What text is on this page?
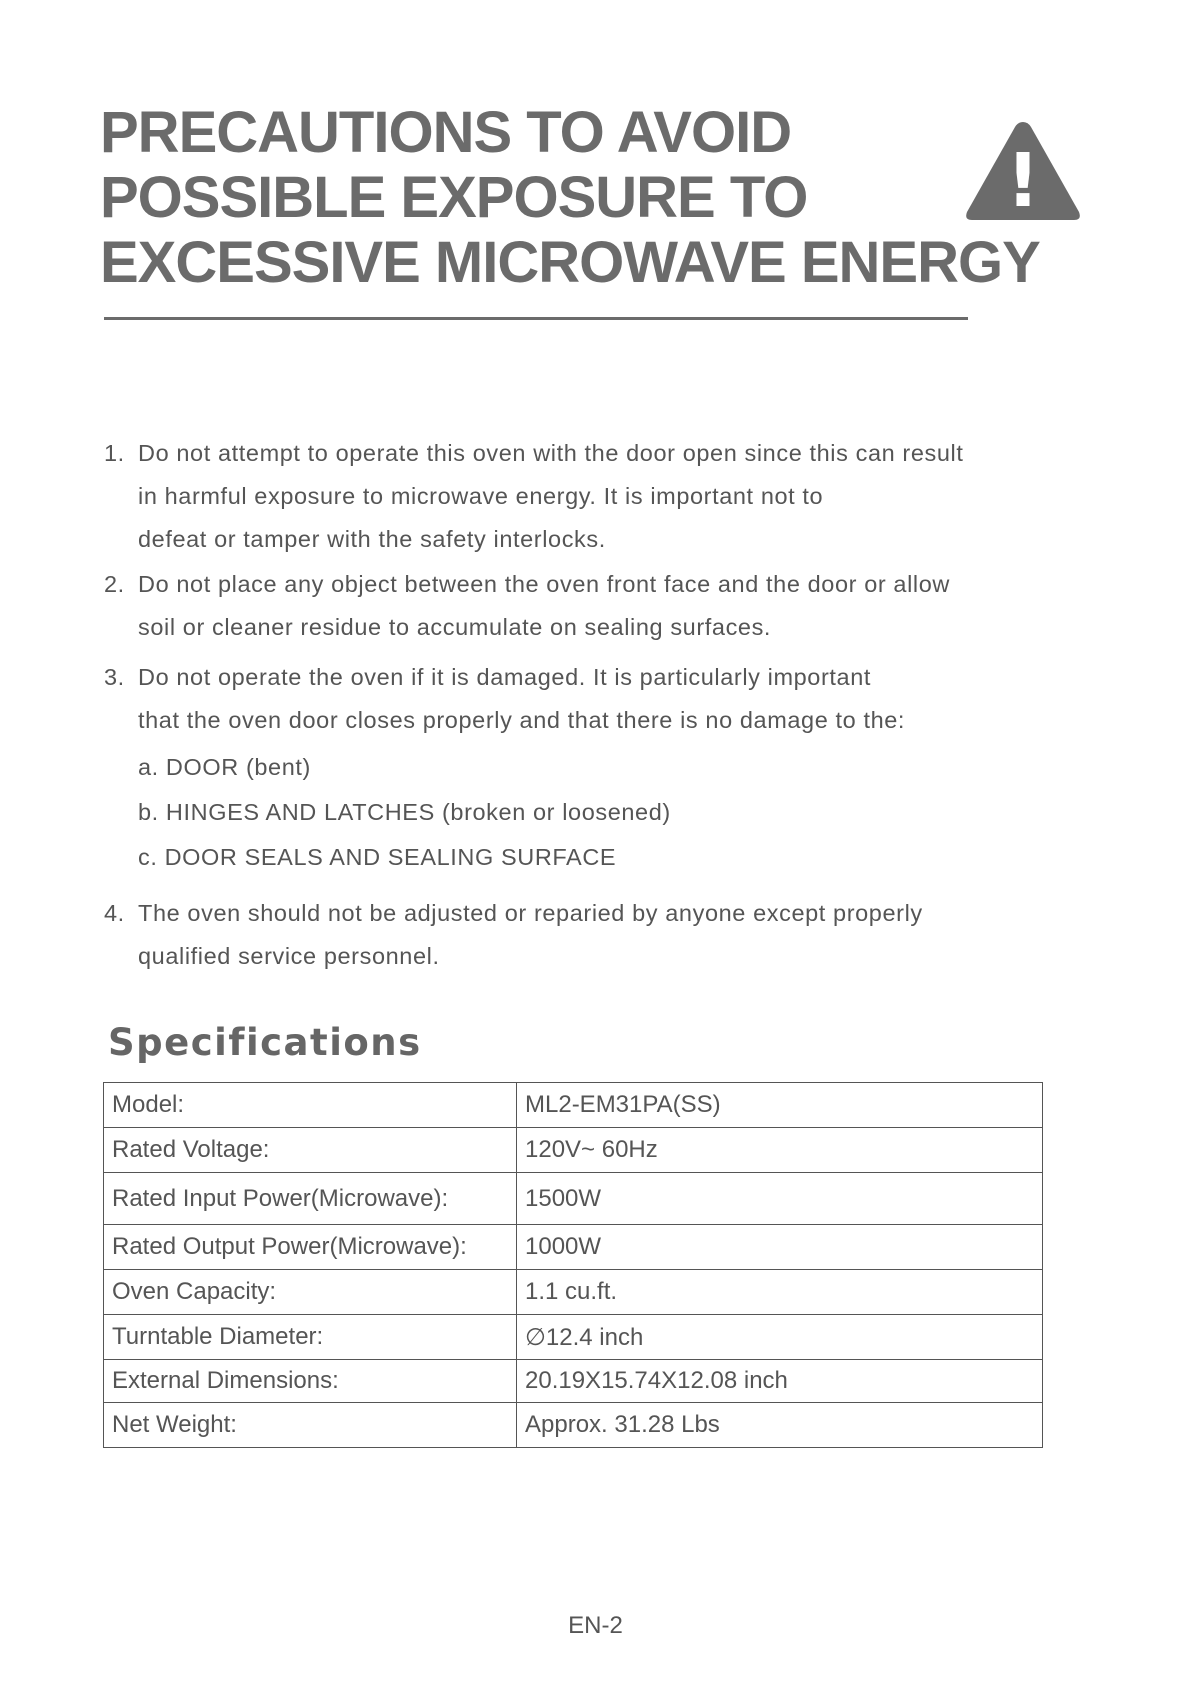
PRECAUTIONS TO AVOID
POSSIBLE EXPOSURE TO
EXCESSIVE MICROWAVE ENERGY
!
1. Do not attempt to operate this oven with the door open since this can result
in harmful exposure to microwave energy. It is important not to
defeat or tamper with the safety interlocks.
2. Do not place any object between the oven front face and the door or allow
soil or cleaner residue to accumulate on sealing surfaces.
3. Do not operate the oven if it is damaged. It is particularly important
that the oven door closes properly and that there is no damage to the:
a. DOOR (bent)
b. HINGES AND LATCHES (broken or loosened)
c. DOOR SEALS AND SEALING SURFACE
4. The oven should not be adjusted or reparied by anyone except properly
qualified service personnel.
Specifications
Model:	ML2-EM31PA(SS)
Rated Voltage:	120V~ 60Hz
Rated Input Power(Microwave):	1500W
Rated Output Power(Microwave):	1000W
Oven Capacity:	1.1 cu.ft.
Turntable Diameter:	∅12.4 inch
External Dimensions:	20.19X15.74X12.08 inch
Net Weight:	Approx. 31.28 Lbs
EN-2
